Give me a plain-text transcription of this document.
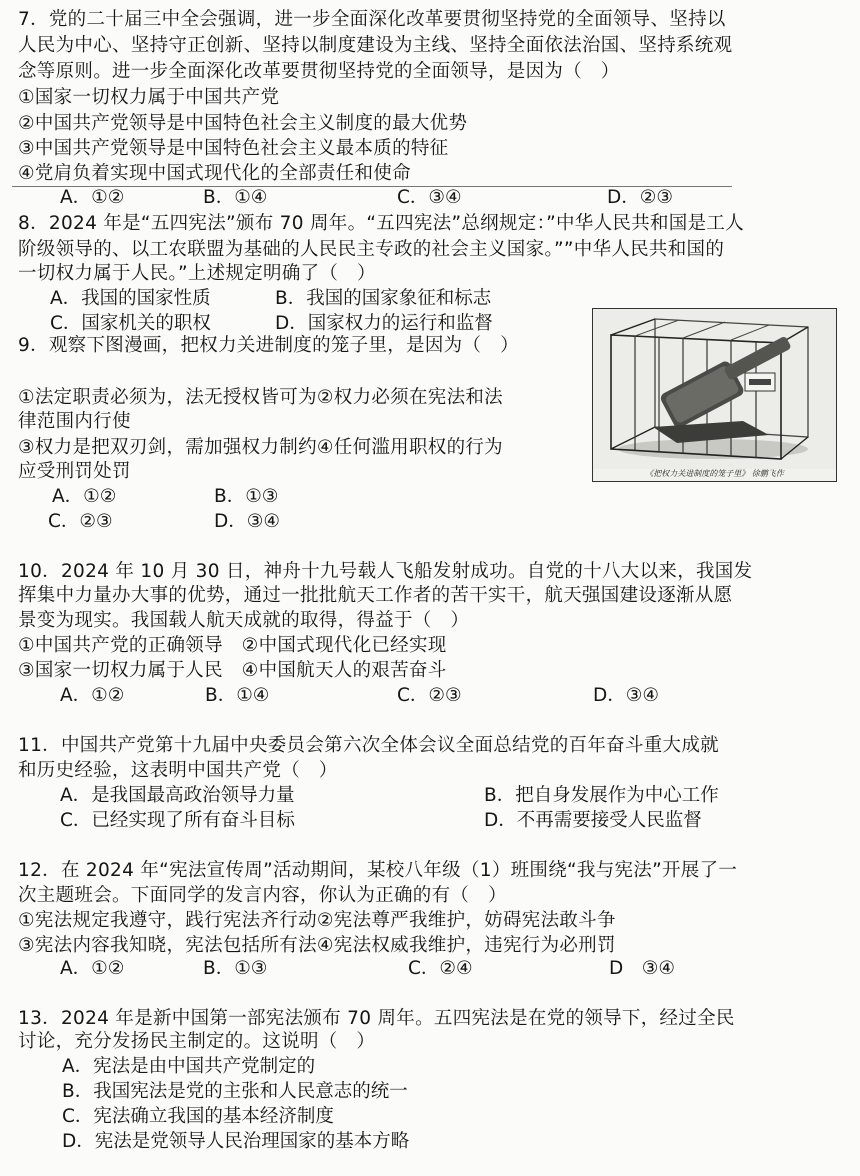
7．党的二十届三中全会强调，进一步全面深化改革要贯彻坚持党的全面领导、坚持以
人民为中心、坚持守正创新、坚持以制度建设为主线、坚持全面依法治国、坚持系统观
念等原则。进一步全面深化改革要贯彻坚持党的全面领导，是因为（　）
①国家一切权力属于中国共产党
②中国共产党领导是中国特色社会主义制度的最大优势
③中国共产党领导是中国特色社会主义最本质的特征
④党肩负着实现中国式现代化的全部责任和使命
A．①②	B．①④	C．③④	D．②③
8．2024 年是“五四宪法”颁布 70 周年。“五四宪法”总纲规定：”中华人民共和国是工人
阶级领导的、以工农联盟为基础的人民民主专政的社会主义国家。””中华人民共和国的
一切权力属于人民。”上述规定明确了（　）
A．我国的国家性质	B．我国的国家象征和标志
C．国家机关的职权	D．国家权力的运行和监督
9．观察下图漫画，把权力关进制度的笼子里，是因为（　）
①法定职责必须为，法无授权皆可为②权力必须在宪法和法
律范围内行使
③权力是把双刃剑，需加强权力制约④任何滥用职权的行为
应受刑罚处罚
A．①②	B．①③
C．②③	D．③④
《把权力关进制度的笼子里》 徐鹏飞作
10．2024 年 10 月 30 日，神舟十九号载人飞船发射成功。自党的十八大以来，我国发
挥集中力量办大事的优势，通过一批批航天工作者的苦干实干，航天强国建设逐渐从愿
景变为现实。我国载人航天成就的取得，得益于（　）
①中国共产党的正确领导　②中国式现代化已经实现
③国家一切权力属于人民　④中国航天人的艰苦奋斗
A．①②	B．①④	C．②③	D．③④
11．中国共产党第十九届中央委员会第六次全体会议全面总结党的百年奋斗重大成就
和历史经验，这表明中国共产党（　）
A．是我国最高政治领导力量	B．把自身发展作为中心工作
C．已经实现了所有奋斗目标	D．不再需要接受人民监督
12．在 2024 年“宪法宣传周”活动期间，某校八年级（1）班围绕“我与宪法”开展了一
次主题班会。下面同学的发言内容，你认为正确的有（　）
①宪法规定我遵守，践行宪法齐行动②宪法尊严我维护，妨碍宪法敢斗争
③宪法内容我知晓，宪法包括所有法④宪法权威我维护，违宪行为必刑罚
A．①②	B．①③	C．②④	D　③④
13．2024 年是新中国第一部宪法颁布 70 周年。五四宪法是在党的领导下，经过全民
讨论，充分发扬民主制定的。这说明（　）
A．宪法是由中国共产党制定的
B．我国宪法是党的主张和人民意志的统一
C．宪法确立我国的基本经济制度
D．宪法是党领导人民治理国家的基本方略
